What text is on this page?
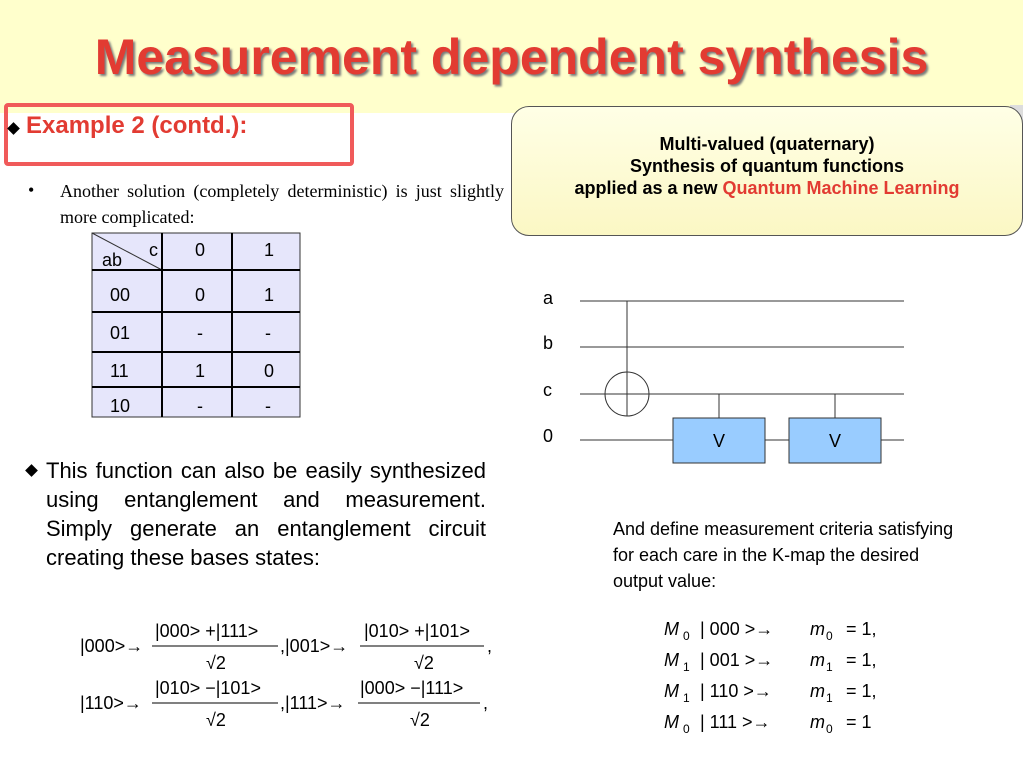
Measurement dependent synthesis
Example 2 (contd.):
Multi-valued (quaternary)
Synthesis of quantum functions
applied as a new Quantum Machine Learning
• Another solution (completely deterministic) is just slightly more complicated:
c
ab	0	1
00	0	1
01	-	-
11	1	0
10	-	-
a
b
c
0	V	V
|000>→
|000> +|111>
√2
,|001>→
|010> +|101>
√2
,
|110>→
|010> −|101>
√2
,|111>→
|000> −|111>
√2
,
M 0 | 000 >→ m 0 = 1,
M 1 | 001 >→ m 1 = 1,
M 1 | 110 >→ m 1 = 1,
M 0 | 111 >→ m 0 = 1
This function can also be easily synthesized using entanglement and measurement. Simply generate an entanglement circuit creating these bases states:
And define measurement criteria satisfying for each care in the K-map the desired output value:
